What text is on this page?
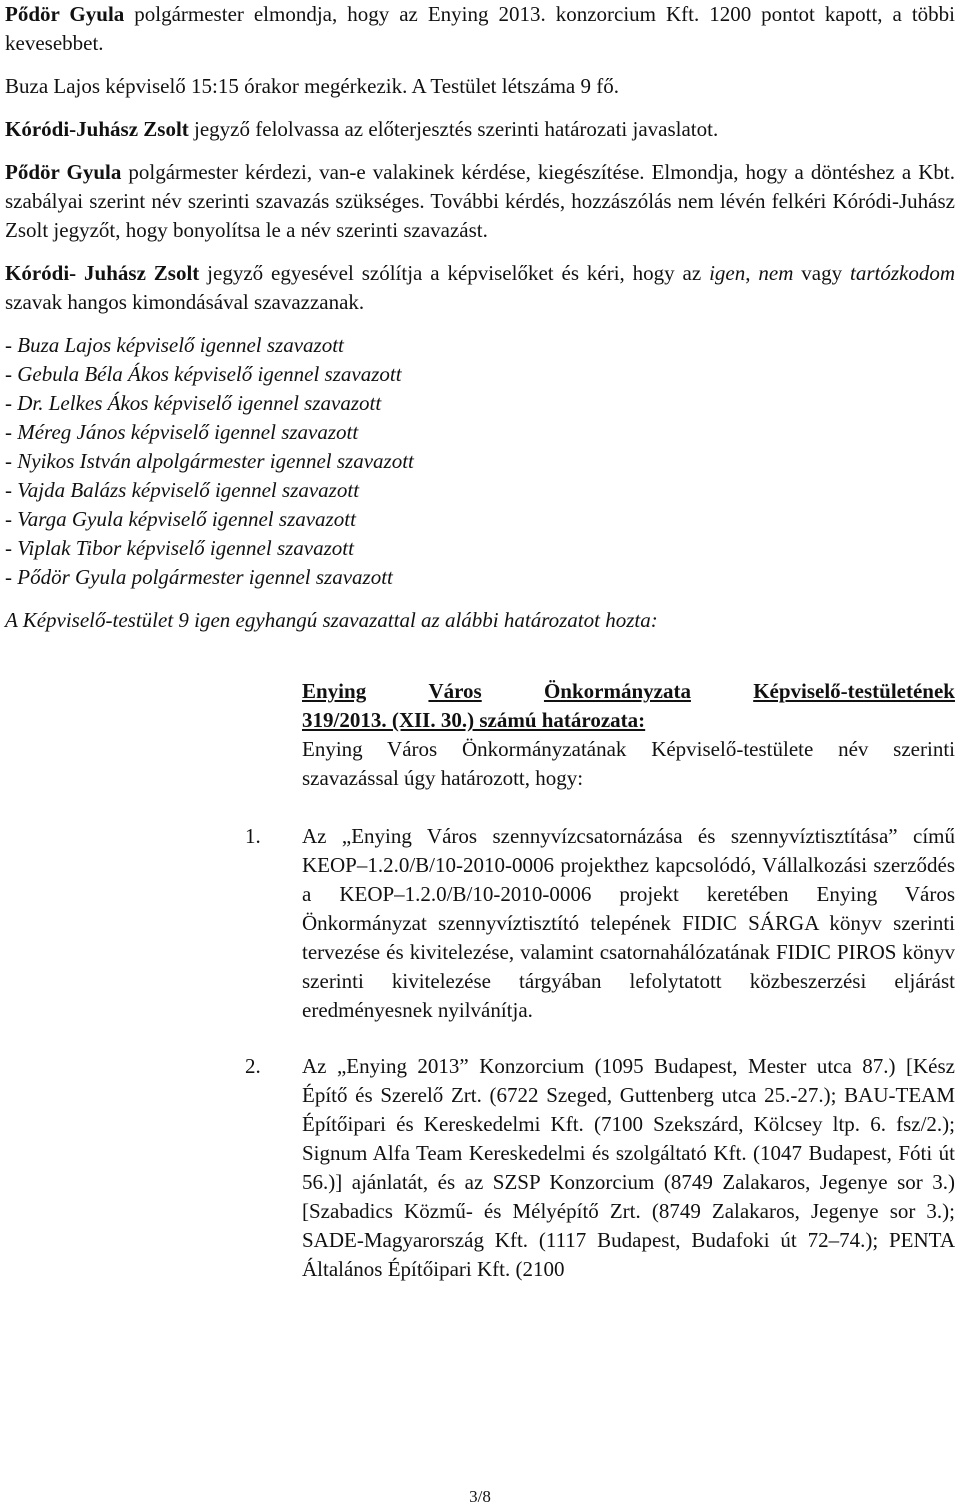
Pődör Gyula polgármester elmondja, hogy az Enying 2013. konzorcium Kft. 1200 pontot kapott, a többi kevesebbet.

Buza Lajos képviselő 15:15 órakor megérkezik. A Testület létszáma 9 fő.

Kóródi-Juhász Zsolt jegyző felolvassa az előterjesztés szerinti határozati javaslatot.

Pődör Gyula polgármester kérdezi, van-e valakinek kérdése, kiegészítése. Elmondja, hogy a döntéshez a Kbt. szabályai szerint név szerinti szavazás szükséges. További kérdés, hozzászólás nem lévén felkéri Kóródi-Juhász Zsolt jegyzőt, hogy bonyolítsa le a név szerinti szavazást.

Kóródi- Juhász Zsolt jegyző egyesével szólítja a képviselőket és kéri, hogy az igen, nem vagy tartózkodom szavak hangos kimondásával szavazzanak.

- Buza Lajos képviselő igennel szavazott
- Gebula Béla Ákos képviselő igennel szavazott
- Dr. Lelkes Ákos képviselő igennel szavazott
- Méreg János képviselő igennel szavazott
- Nyikos István alpolgármester igennel szavazott
- Vajda Balázs képviselő igennel szavazott
- Varga Gyula képviselő igennel szavazott
- Viplak Tibor képviselő igennel szavazott
- Pődör Gyula polgármester igennel szavazott

A Képviselő-testület 9 igen egyhangú szavazattal az alábbi határozatot hozta:

Enying	Város	Önkormányzata	Képviselő-testületének
319/2013. (XII. 30.) számú határozata:

Enying Város Önkormányzatának Képviselő-testülete név szerinti szavazással úgy határozott, hogy:

1. Az „Enying Város szennyvízcsatornázása és szennyvíztisztítása” című KEOP–1.2.0/B/10-2010-0006 projekthez kapcsolódó, Vállalkozási szerződés a KEOP–1.2.0/B/10-2010-0006 projekt keretében Enying Város Önkormányzat szennyvíztisztító telepének FIDIC SÁRGA könyv szerinti tervezése és kivitelezése, valamint csatornahálózatának FIDIC PIROS könyv szerinti kivitelezése tárgyában lefolytatott közbeszerzési eljárást eredményesnek nyilvánítja.

2. Az „Enying 2013” Konzorcium (1095 Budapest, Mester utca 87.) [Kész Építő és Szerelő Zrt. (6722 Szeged, Guttenberg utca 25.-27.); BAU-TEAM Építőipari és Kereskedelmi Kft. (7100 Szekszárd, Kölcsey ltp. 6. fsz/2.); Signum Alfa Team Kereskedelmi és szolgáltató Kft. (1047 Budapest, Fóti út 56.)] ajánlatát, és az SZSP Konzorcium (8749 Zalakaros, Jegenye sor 3.) [Szabadics Közmű- és Mélyépítő Zrt. (8749 Zalakaros, Jegenye sor 3.); SADE-Magyarország Kft. (1117 Budapest, Budafoki út 72–74.); PENTA Általános Építőipari Kft. (2100

3/8
